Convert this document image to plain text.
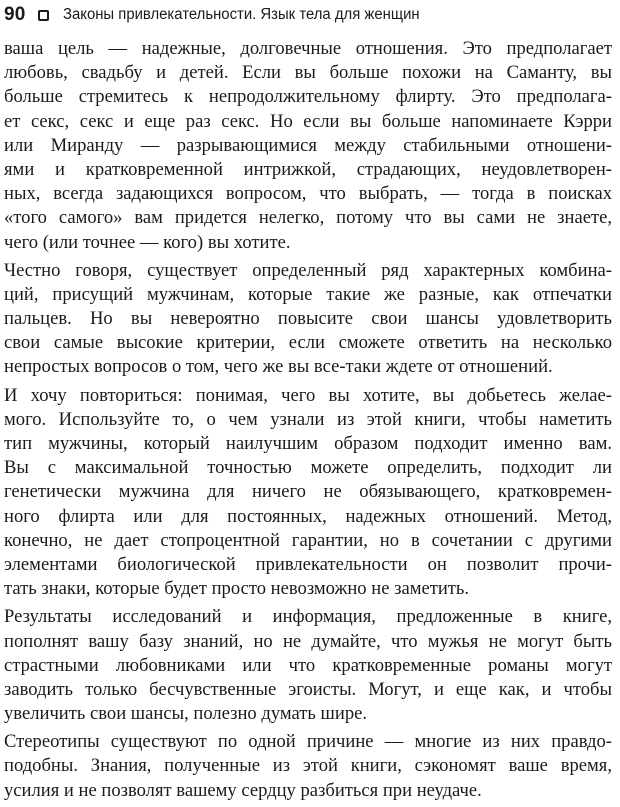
90 Законы привлекательности. Язык тела для женщин
ваша цель — надежные, долговечные отношения. Это предполагает
любовь, свадьбу и детей. Если вы больше похожи на Саманту, вы
больше стремитесь к непродолжительному флирту. Это предполага-
ет секс, секс и еще раз секс. Но если вы больше напоминаете Кэрри
или Миранду — разрывающимися между стабильными отношени-
ями и кратковременной интрижкой, страдающих, неудовлетворен-
ных, всегда задающихся вопросом, что выбрать, — тогда в поисках
«того самого» вам придется нелегко, потому что вы сами не знаете,
чего (или точнее — кого) вы хотите.
Честно говоря, существует определенный ряд характерных комбина-
ций, присущий мужчинам, которые такие же разные, как отпечатки
пальцев. Но вы невероятно повысите свои шансы удовлетворить
свои самые высокие критерии, если сможете ответить на несколько
непростых вопросов о том, чего же вы все-таки ждете от отношений.
И хочу повториться: понимая, чего вы хотите, вы добьетесь желае-
мого. Используйте то, о чем узнали из этой книги, чтобы наметить
тип мужчины, который наилучшим образом подходит именно вам.
Вы с максимальной точностью можете определить, подходит ли
генетически мужчина для ничего не обязывающего, кратковремен-
ного флирта или для постоянных, надежных отношений. Метод,
конечно, не дает стопроцентной гарантии, но в сочетании с другими
элементами биологической привлекательности он позволит прочи-
тать знаки, которые будет просто невозможно не заметить.
Результаты исследований и информация, предложенные в книге,
пополнят вашу базу знаний, но не думайте, что мужья не могут быть
страстными любовниками или что кратковременные романы могут
заводить только бесчувственные эгоисты. Могут, и еще как, и чтобы
увеличить свои шансы, полезно думать шире.
Стереотипы существуют по одной причине — многие из них правдо-
подобны. Знания, полученные из этой книги, сэкономят ваше время,
усилия и не позволят вашему сердцу разбиться при неудаче.
